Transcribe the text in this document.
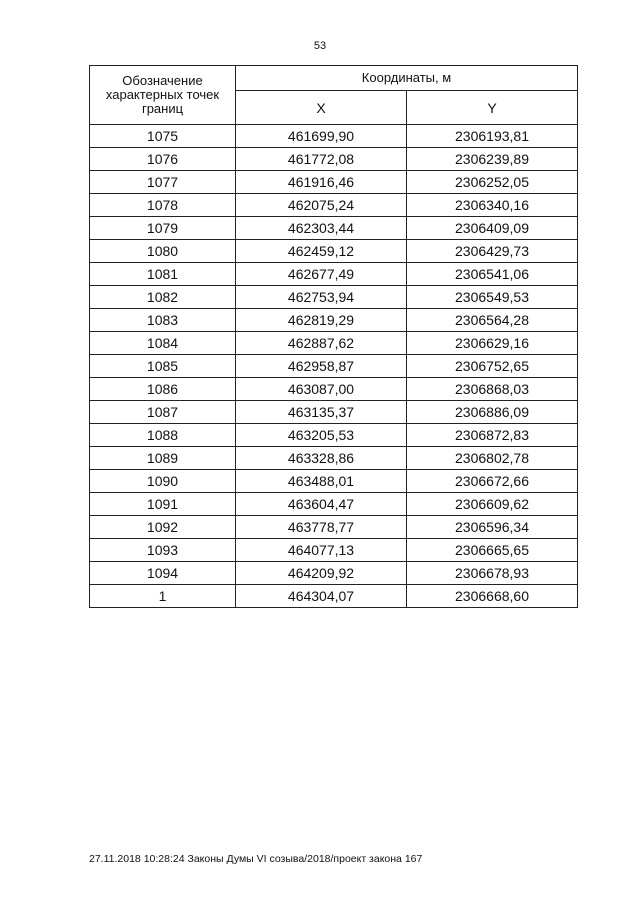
53
Обозначение характерных точек границ	Координаты, м	
	X	Y
1075	461699,90	2306193,81
1076	461772,08	2306239,89
1077	461916,46	2306252,05
1078	462075,24	2306340,16
1079	462303,44	2306409,09
1080	462459,12	2306429,73
1081	462677,49	2306541,06
1082	462753,94	2306549,53
1083	462819,29	2306564,28
1084	462887,62	2306629,16
1085	462958,87	2306752,65
1086	463087,00	2306868,03
1087	463135,37	2306886,09
1088	463205,53	2306872,83
1089	463328,86	2306802,78
1090	463488,01	2306672,66
1091	463604,47	2306609,62
1092	463778,77	2306596,34
1093	464077,13	2306665,65
1094	464209,92	2306678,93
1	464304,07	2306668,60
27.11.2018 10:28:24 Законы Думы VI созыва/2018/проект закона 167
